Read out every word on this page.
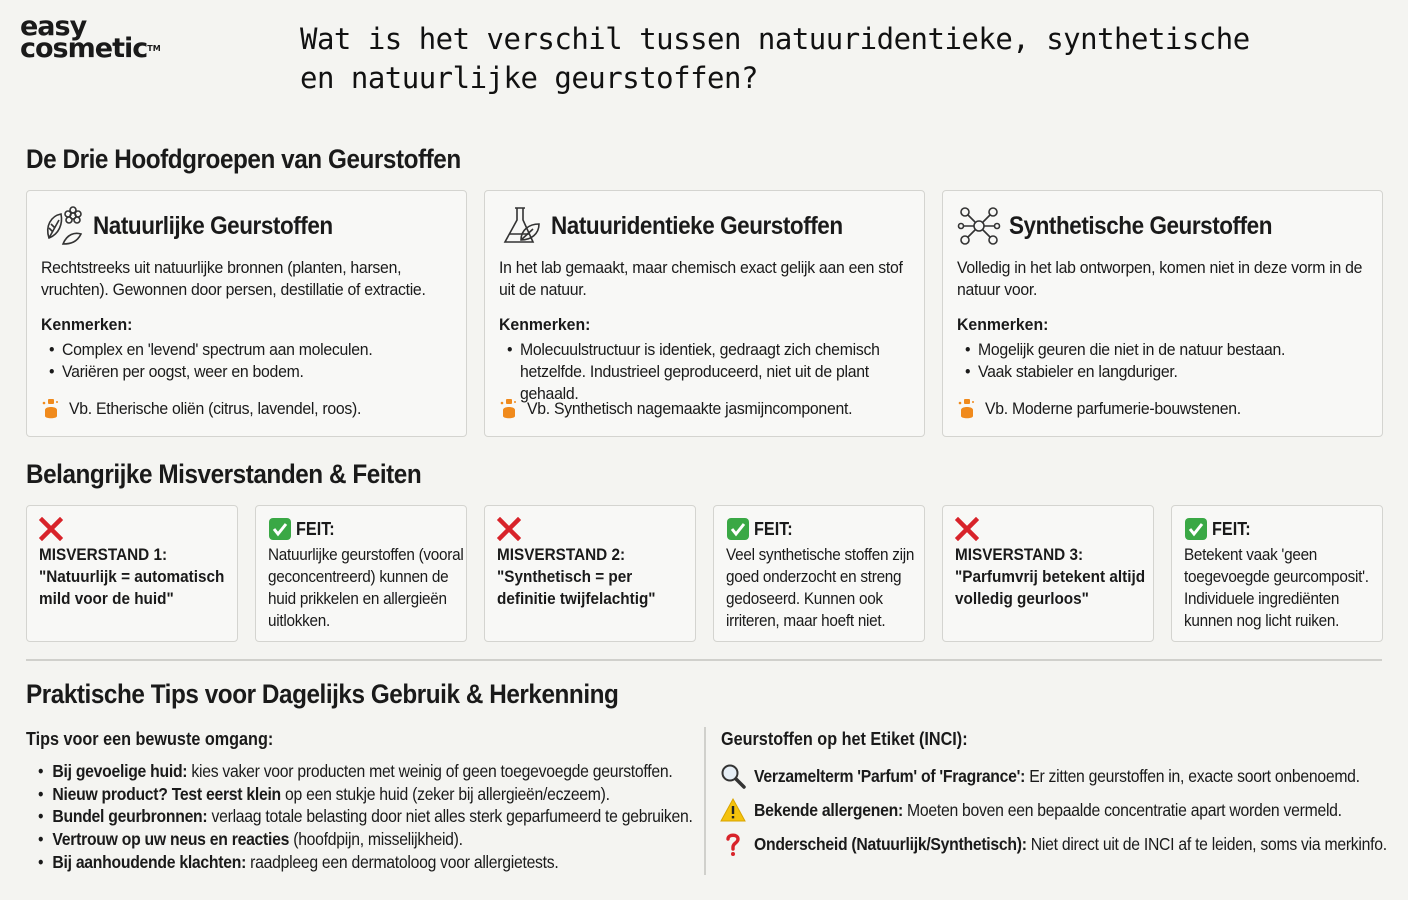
easy
cosmetic™	Wat is het verschil tussen natuuridentieke, synthetische en natuurlijke geurstoffen?
De Drie Hoofdgroepen van Geurstoffen
Natuurlijke Geurstoffen

Rechtstreeks uit natuurlijke bronnen (planten, harsen, vruchten). Gewonnen door persen, destillatie of extractie.

Kenmerken:
• Complex en 'levend' spectrum aan moleculen.
• Variëren per oogst, weer en bodem.
Vb. Etherische oliën (citrus, lavendel, roos).
Natuuridentieke Geurstoffen

In het lab gemaakt, maar chemisch exact gelijk aan een stof uit de natuur.

Kenmerken:
• Molecuulstructuur is identiek, gedraagt zich chemisch hetzelfde. Industrieel geproduceerd, niet uit de plant gehaald.
Vb. Synthetisch nagemaakte jasmijncomponent.
Synthetische Geurstoffen

Volledig in het lab ontworpen, komen niet in deze vorm in de natuur voor.

Kenmerken:
• Mogelijk geuren die niet in de natuur bestaan.
• Vaak stabieler en langduriger.
Vb. Moderne parfumerie-bouwstenen.
Belangrijke Misverstanden & Feiten
MISVERSTAND 1:
"Natuurlijk = automatisch mild voor de huid"
FEIT:
Natuurlijke geurstoffen (vooral geconcentreerd) kunnen de huid prikkelen en allergieën uitlokken.
MISVERSTAND 2:
"Synthetisch = per definitie twijfelachtig"
FEIT:
Veel synthetische stoffen zijn goed onderzocht en streng gedoseerd. Kunnen ook irriteren, maar hoeft niet.
MISVERSTAND 3:
"Parfumvrij betekent altijd volledig geurloos"
FEIT:
Betekent vaak 'geen toegevoegde geurcomposit'. Individuele ingrediënten kunnen nog licht ruiken.
Praktische Tips voor Dagelijks Gebruik & Herkenning
Tips voor een bewuste omgang:
• Bij gevoelige huid: kies vaker voor producten met weinig of geen toegevoegde geurstoffen.
• Nieuw product? Test eerst klein op een stukje huid (zeker bij allergieën/eczeem).
• Bundel geurbronnen: verlaag totale belasting door niet alles sterk geparfumeerd te gebruiken.
• Vertrouw op uw neus en reacties (hoofdpijn, misselijkheid).
• Bij aanhoudende klachten: raadpleeg een dermatoloog voor allergietests.
Geurstoffen op het Etiket (INCI):
Verzamelterm 'Parfum' of 'Fragrance': Er zitten geurstoffen in, exacte soort onbenoemd.
Bekende allergenen: Moeten boven een bepaalde concentratie apart worden vermeld.
Onderscheid (Natuurlijk/Synthetisch): Niet direct uit de INCI af te leiden, soms via merkinfo.
